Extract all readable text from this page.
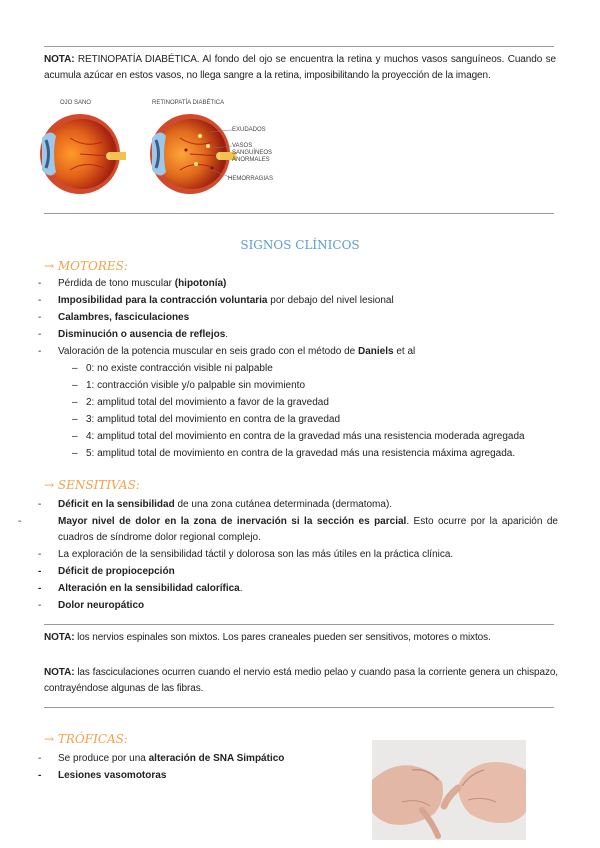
NOTA: RETINOPATÍA DIABÉTICA. Al fondo del ojo se encuentra la retina y muchos vasos sanguíneos. Cuando se acumula azúcar en estos vasos, no llega sangre a la retina, imposibilitando la proyección de la imagen.
OJO SANO	RETINOPATÍA DIABÉTICA
EXUDADOS
VASOS SANGUÍNEOS ANORMALES
HEMORRAGIAS
SIGNOS CLÍNICOS
→ MOTORES:
- Pérdida de tono muscular (hipotonía)
- Imposibilidad para la contracción voluntaria por debajo del nivel lesional
- Calambres, fasciculaciones
- Disminución o ausencia de reflejos.
- Valoración de la potencia muscular en seis grado con el método de Daniels et al
– 0: no existe contracción visible ni palpable
– 1: contracción visible y/o palpable sin movimiento
– 2: amplitud total del movimiento a favor de la gravedad
– 3: amplitud total del movimiento en contra de la gravedad
– 4: amplitud total del movimiento en contra de la gravedad más una resistencia moderada agregada
– 5: amplitud total de movimiento en contra de la gravedad más una resistencia máxima agregada.
→ SENSITIVAS:
- Déficit en la sensibilidad de una zona cutánea determinada (dermatoma).
-	Mayor nivel de dolor en la zona de inervación si la sección es parcial. Esto ocurre por la aparición de cuadros de síndrome dolor regional complejo.
- La exploración de la sensibilidad táctil y dolorosa son las más útiles en la práctica clínica.
- Déficit de propiocepción
- Alteración en la sensibilidad calorífica.
- Dolor neuropático
NOTA: los nervios espinales son mixtos. Los pares craneales pueden ser sensitivos, motores o mixtos.
NOTA: las fasciculaciones ocurren cuando el nervio está medio pelao y cuando pasa la corriente genera un chispazo, contrayéndose algunas de las fibras.
→ TRÓFICAS:
- Se produce por una alteración de SNA Simpático
- Lesiones vasomotoras
